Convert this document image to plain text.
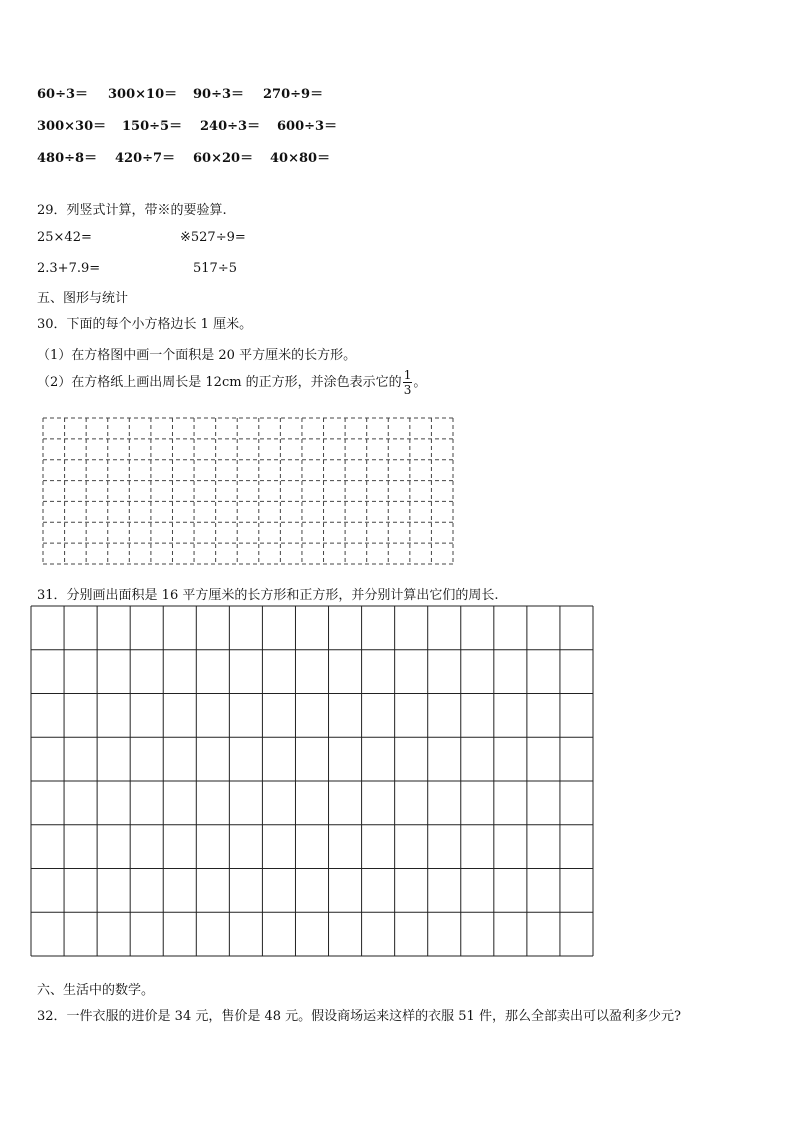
60÷3＝ 300×10＝ 90÷3＝ 270÷9＝
300×30＝ 150÷5＝ 240÷3＝ 600÷3＝
480÷8＝ 420÷7＝ 60×20＝ 40×80＝
29．列竖式计算，带※的要验算.
25×42=	※527÷9=
2.3+7.9=	517÷5
五、图形与统计
30．下面的每个小方格边长 1 厘米。
（1）在方格图中画一个面积是 20 平方厘米的长方形。
（2）在方格纸上画出周长是 12cm 的正方形，并涂色表示它的 $\frac{1}{3}$ 。
31．分别画出面积是 16 平方厘米的长方形和正方形，并分别计算出它们的周长.
六、生活中的数学。
32．一件衣服的进价是 34 元，售价是 48 元。假设商场运来这样的衣服 51 件，那么全部卖出可以盈利多少元?
